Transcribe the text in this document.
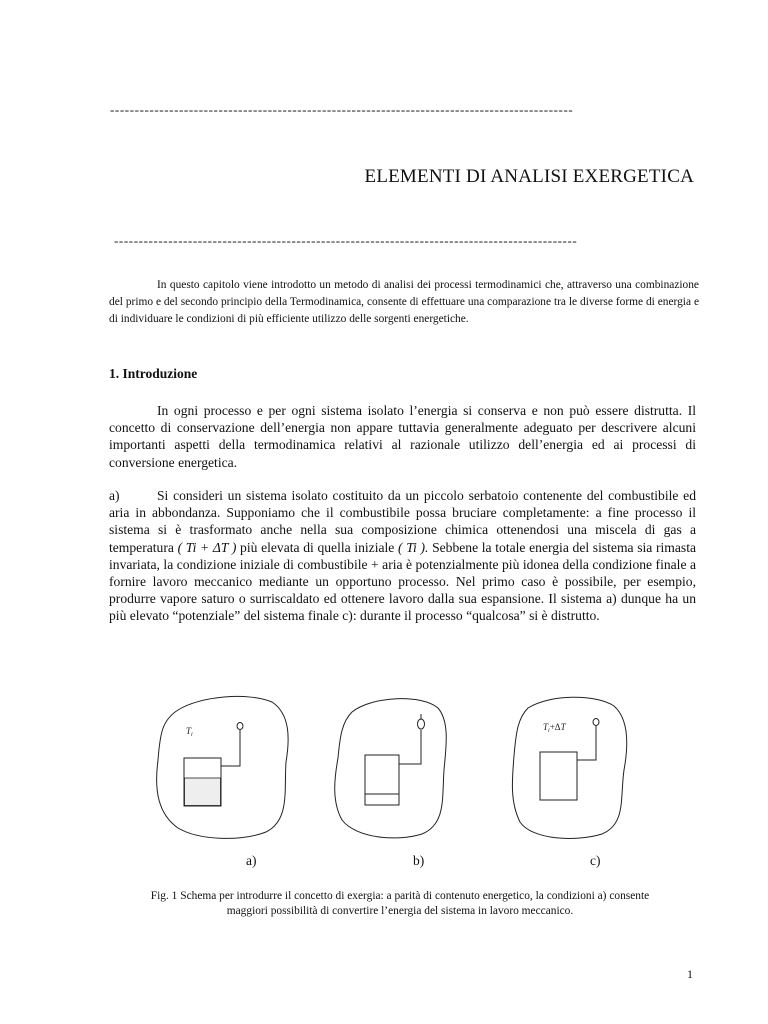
----------------------------------------------------------------------------------------------
ELEMENTI DI ANALISI EXERGETICA
----------------------------------------------------------------------------------------------

In questo capitolo viene introdotto un metodo di analisi dei processi termodinamici che, attraverso una combinazione del primo e del secondo principio della Termodinamica, consente di effettuare una comparazione tra le diverse forme di energia e di individuare le condizioni di più efficiente utilizzo delle sorgenti energetiche.

1. Introduzione

In ogni processo e per ogni sistema isolato l’energia si conserva e non può essere distrutta. Il concetto di conservazione dell’energia non appare tuttavia generalmente adeguato per descrivere alcuni importanti aspetti della termodinamica relativi al razionale utilizzo dell’energia ed ai processi di conversione energetica.

a)	Si consideri un sistema isolato costituito da un piccolo serbatoio contenente del combustibile ed aria in abbondanza. Supponiamo che il combustibile possa bruciare completamente: a fine processo il sistema si è trasformato anche nella sua composizione chimica ottenendosi una miscela di gas a temperatura ( Ti + ΔT ) più elevata di quella iniziale ( Ti ). Sebbene la totale energia del sistema sia rimasta invariata, la condizione iniziale di combustibile + aria è potenzialmente più idonea della condizione finale a fornire lavoro meccanico mediante un opportuno processo. Nel primo caso è possibile, per esempio, produrre vapore saturo o surriscaldato ed ottenere lavoro dalla sua espansione. Il sistema a) dunque ha un più elevato “potenziale” del sistema finale c): durante il processo “qualcosa” si è distrutto.

$T_i$
$T_i+\Delta T$
a)	b)	c)
Fig. 1 Schema per introdurre il concetto di exergia: a parità di contenuto energetico, la condizioni a) consente
maggiori possibilità di convertire l’energia del sistema in lavoro meccanico.
1
